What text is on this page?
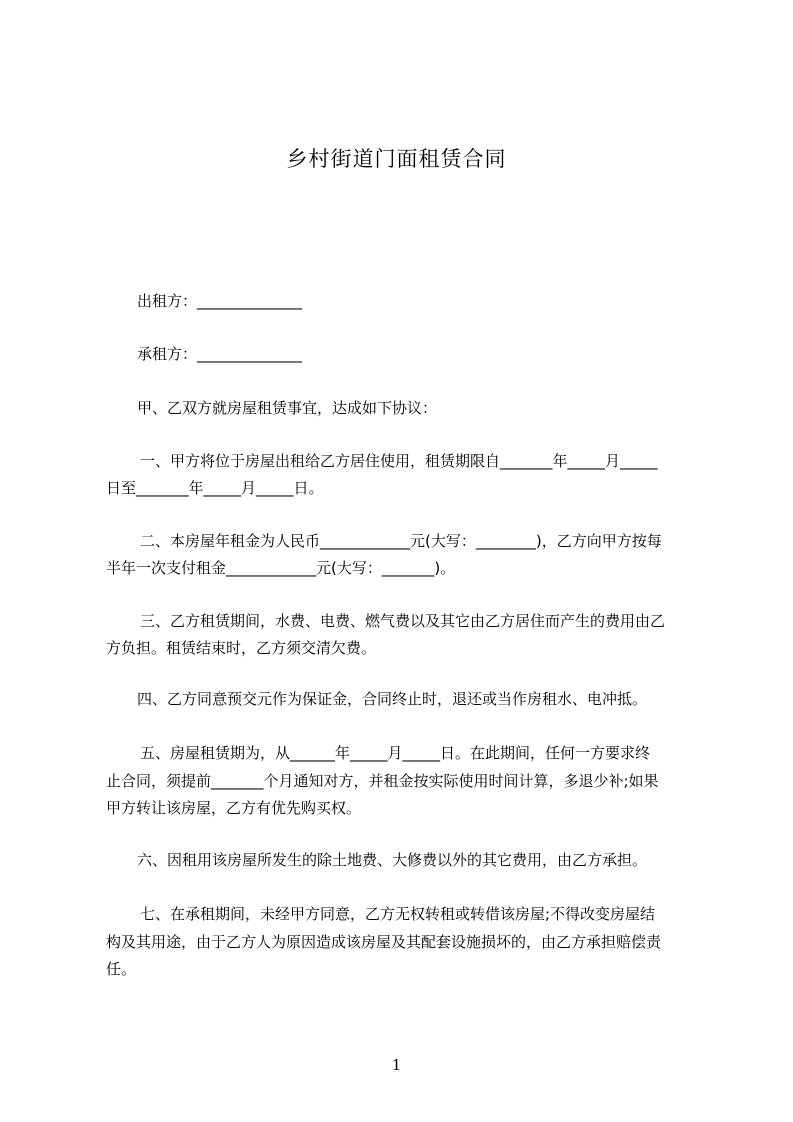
乡村街道门面租赁合同
出租方：______________
承租方：______________
甲、乙双方就房屋租赁事宜，达成如下协议：
一、甲方将位于房屋出租给乙方居住使用，租赁期限自_______年_____月_____
日至_______年_____月_____日。
二、本房屋年租金为人民币____________元(大写：________)，乙方向甲方按每
半年一次支付租金____________元(大写：_______)。
三、乙方租赁期间，水费、电费、燃气费以及其它由乙方居住而产生的费用由乙
方负担。租赁结束时，乙方须交清欠费。
四、乙方同意预交元作为保证金，合同终止时，退还或当作房租水、电冲抵。
五、房屋租赁期为，从______年_____月_____日。在此期间，任何一方要求终
止合同，须提前_______个月通知对方，并租金按实际使用时间计算，多退少补;如果
甲方转让该房屋，乙方有优先购买权。
六、因租用该房屋所发生的除土地费、大修费以外的其它费用，由乙方承担。
七、在承租期间，未经甲方同意，乙方无权转租或转借该房屋;不得改变房屋结
构及其用途，由于乙方人为原因造成该房屋及其配套设施损坏的，由乙方承担赔偿责
任。
1
